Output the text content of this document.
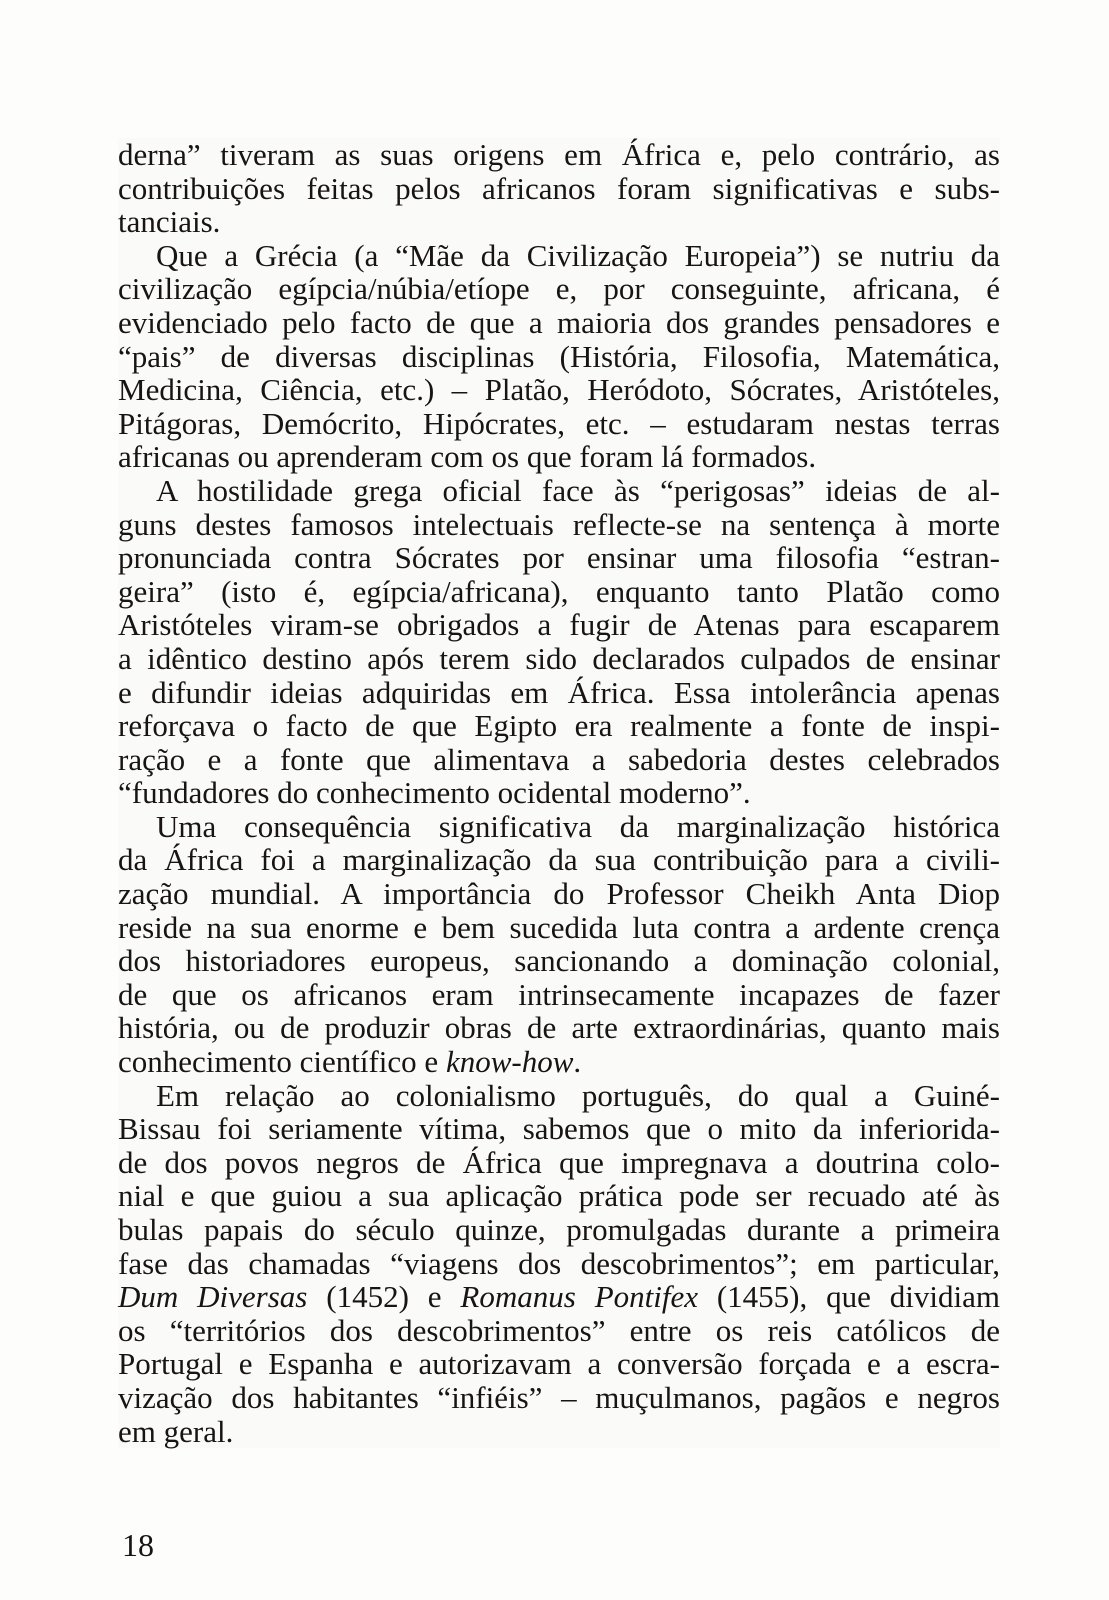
derna” tiveram as suas origens em África e, pelo contrário, as
contribuições feitas pelos africanos foram significativas e subs-
tanciais.
Que a Grécia (a “Mãe da Civilização Europeia”) se nutriu da
civilização egípcia/núbia/etíope e, por conseguinte, africana, é
evidenciado pelo facto de que a maioria dos grandes pensadores e
“pais” de diversas disciplinas (História, Filosofia, Matemática,
Medicina, Ciência, etc.) – Platão, Heródoto, Sócrates, Aristóteles,
Pitágoras, Demócrito, Hipócrates, etc. – estudaram nestas terras
africanas ou aprenderam com os que foram lá formados.
A hostilidade grega oficial face às “perigosas” ideias de al-
guns destes famosos intelectuais reflecte-se na sentença à morte
pronunciada contra Sócrates por ensinar uma filosofia “estran-
geira” (isto é, egípcia/africana), enquanto tanto Platão como
Aristóteles viram-se obrigados a fugir de Atenas para escaparem
a idêntico destino após terem sido declarados culpados de ensinar
e difundir ideias adquiridas em África. Essa intolerância apenas
reforçava o facto de que Egipto era realmente a fonte de inspi-
ração e a fonte que alimentava a sabedoria destes celebrados
“fundadores do conhecimento ocidental moderno”.
Uma consequência significativa da marginalização histórica
da África foi a marginalização da sua contribuição para a civili-
zação mundial. A importância do Professor Cheikh Anta Diop
reside na sua enorme e bem sucedida luta contra a ardente crença
dos historiadores europeus, sancionando a dominação colonial,
de que os africanos eram intrinsecamente incapazes de fazer
história, ou de produzir obras de arte extraordinárias, quanto mais
conhecimento científico e know-how.
Em relação ao colonialismo português, do qual a Guiné-
Bissau foi seriamente vítima, sabemos que o mito da inferiorida-
de dos povos negros de África que impregnava a doutrina colo-
nial e que guiou a sua aplicação prática pode ser recuado até às
bulas papais do século quinze, promulgadas durante a primeira
fase das chamadas “viagens dos descobrimentos”; em particular,
Dum Diversas (1452) e Romanus Pontifex (1455), que dividiam
os “territórios dos descobrimentos” entre os reis católicos de
Portugal e Espanha e autorizavam a conversão forçada e a escra-
vização dos habitantes “infiéis” – muçulmanos, pagãos e negros
em geral.
18
